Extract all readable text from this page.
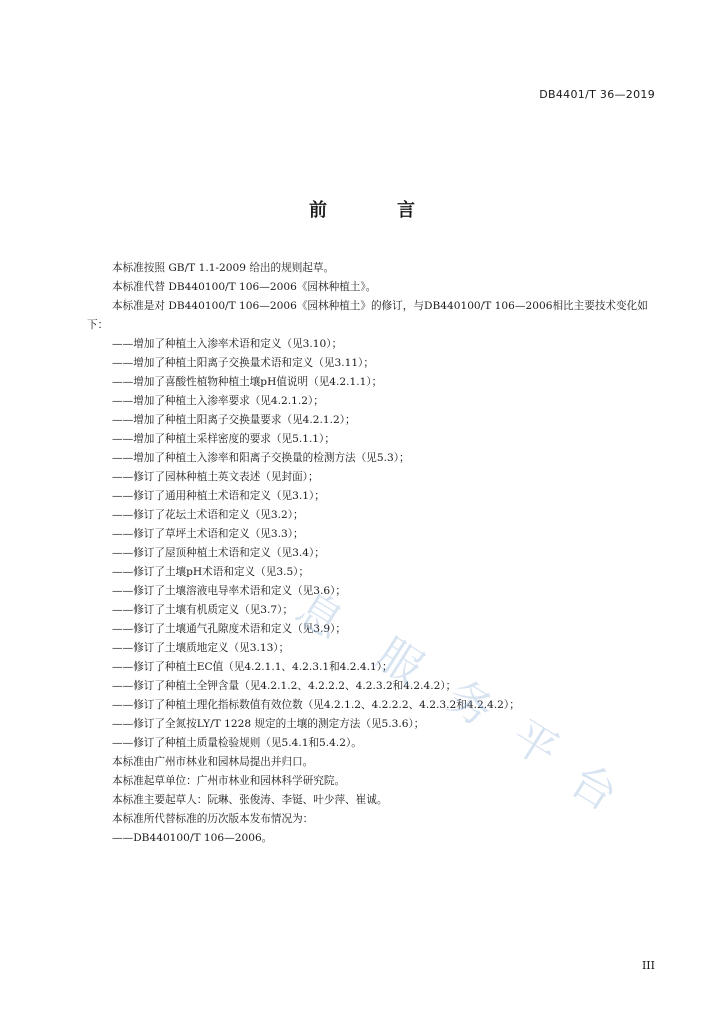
DB4401/T 36—2019
前　言

本标准按照 GB/T 1.1-2009 给出的规则起草。

本标准代替 DB440100/T 106—2006《园林种植土》。

本标准是对 DB440100/T 106—2006《园林种植土》的修订，与DB440100/T 106—2006相比主要技术变化如下：

——增加了种植土入渗率术语和定义（见3.10）；

——增加了种植土阳离子交换量术语和定义（见3.11）；

——增加了喜酸性植物种植土壤pH值说明（见4.2.1.1）；

——增加了种植土入渗率要求（见4.2.1.2）；

——增加了种植土阳离子交换量要求（见4.2.1.2）；

——增加了种植土采样密度的要求（见5.1.1）；

——增加了种植土入渗率和阳离子交换量的检测方法（见5.3）；

——修订了园林种植土英文表述（见封面）；

——修订了通用种植土术语和定义（见3.1）；

——修订了花坛土术语和定义（见3.2）；

——修订了草坪土术语和定义（见3.3）；

——修订了屋顶种植土术语和定义（见3.4）；

——修订了土壤pH术语和定义（见3.5）；

——修订了土壤溶液电导率术语和定义（见3.6）；

——修订了土壤有机质定义（见3.7）；

——修订了土壤通气孔隙度术语和定义（见3.9）；

——修订了土壤质地定义（见3.13）；

——修订了种植土EC值（见4.2.1.1、4.2.3.1和4.2.4.1）；

——修订了种植土全钾含量（见4.2.1.2、4.2.2.2、4.2.3.2和4.2.4.2）；

——修订了种植土理化指标数值有效位数（见4.2.1.2、4.2.2.2、4.2.3.2和4.2.4.2）；

——修订了全氮按LY/T 1228 规定的土壤的测定方法（见5.3.6）；

——修订了种植土质量检验规则（见5.4.1和5.4.2）。

本标准由广州市林业和园林局提出并归口。

本标准起草单位：广州市林业和园林科学研究院。

本标准主要起草人：阮琳、张俊涛、李铤、叶少萍、崔诚。

本标准所代替标准的历次版本发布情况为：

——DB440100/T 106—2006。

息
服
务
平
台
III
